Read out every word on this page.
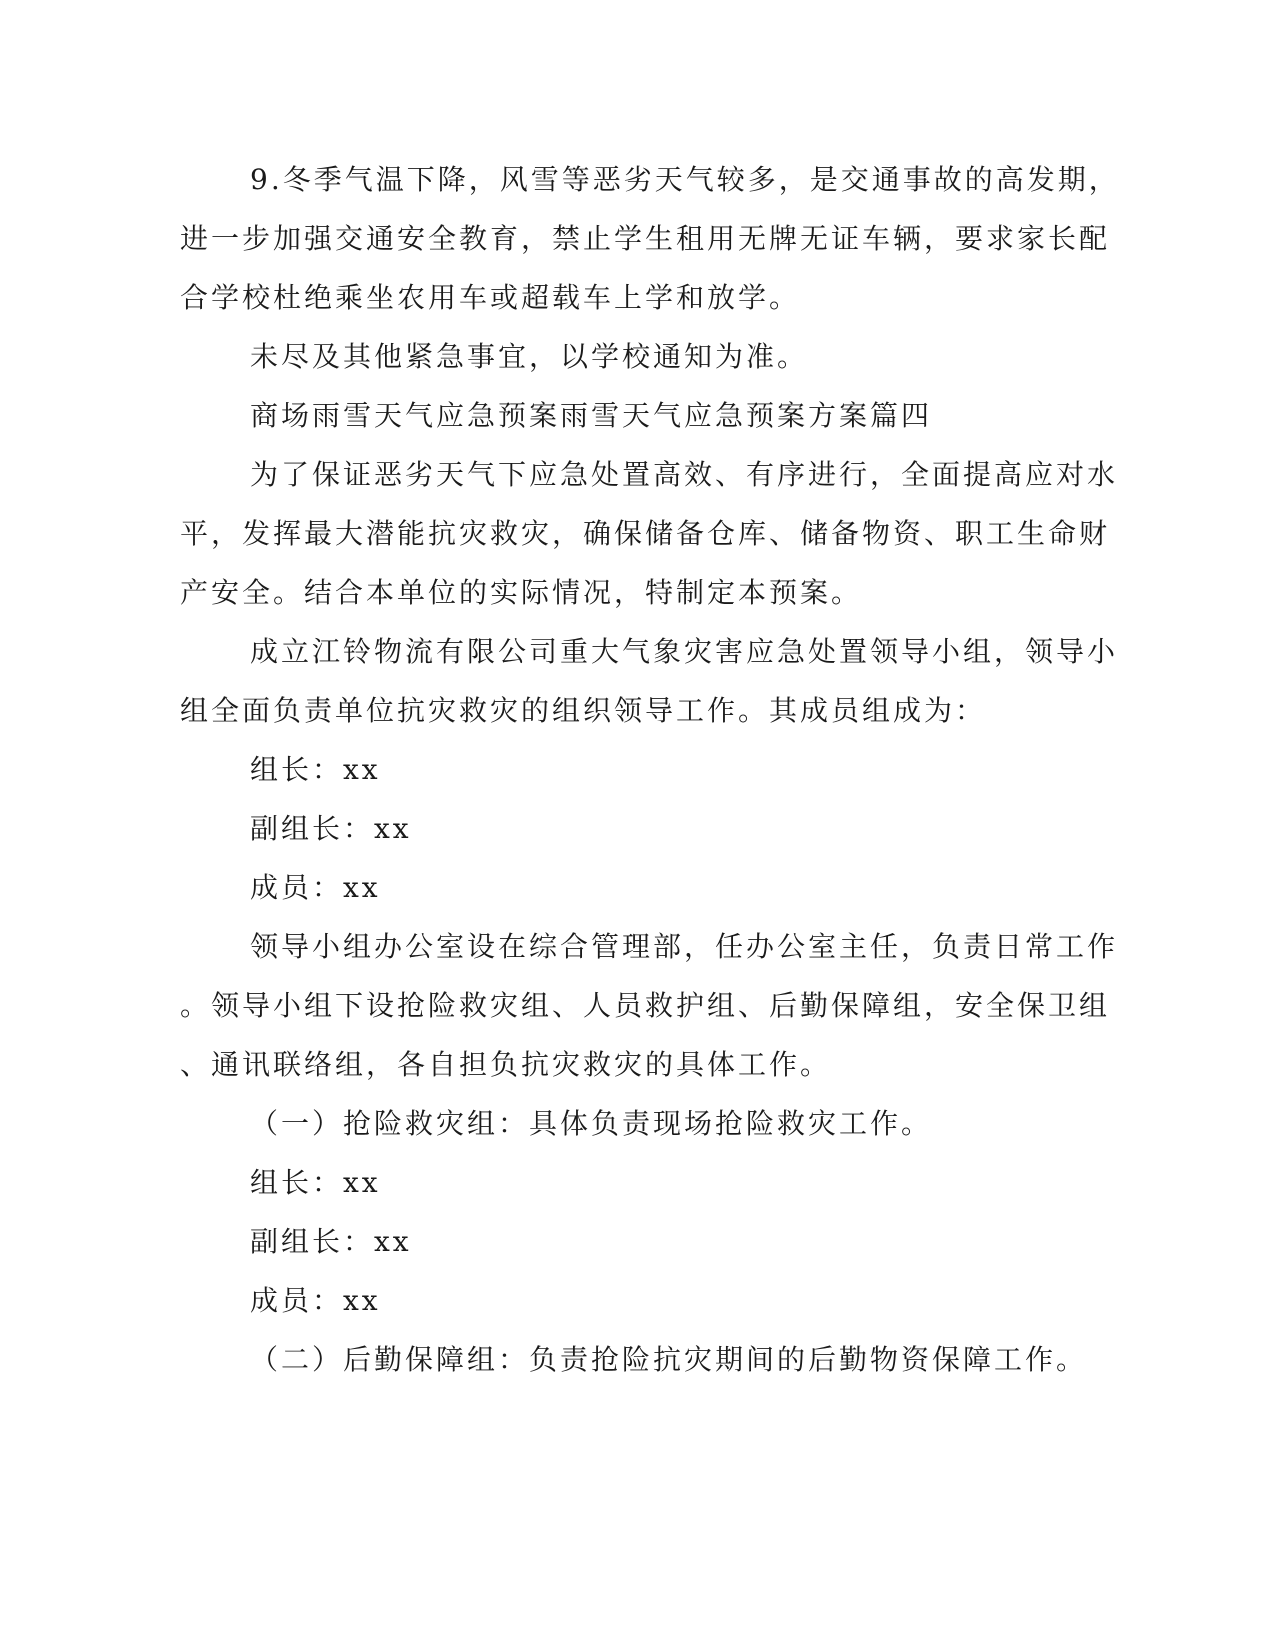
9.冬季气温下降，风雪等恶劣天气较多，是交通事故的高发期，
进一步加强交通安全教育，禁止学生租用无牌无证车辆，要求家长配
合学校杜绝乘坐农用车或超载车上学和放学。
未尽及其他紧急事宜，以学校通知为准。
商场雨雪天气应急预案雨雪天气应急预案方案篇四
为了保证恶劣天气下应急处置高效、有序进行，全面提高应对水
平，发挥最大潜能抗灾救灾，确保储备仓库、储备物资、职工生命财
产安全。结合本单位的实际情况，特制定本预案。
成立江铃物流有限公司重大气象灾害应急处置领导小组，领导小
组全面负责单位抗灾救灾的组织领导工作。其成员组成为：
组长：xx
副组长：xx
成员：xx
领导小组办公室设在综合管理部，任办公室主任，负责日常工作
。领导小组下设抢险救灾组、人员救护组、后勤保障组，安全保卫组
、通讯联络组，各自担负抗灾救灾的具体工作。
（一）抢险救灾组：具体负责现场抢险救灾工作。
组长：xx
副组长：xx
成员：xx
（二）后勤保障组：负责抢险抗灾期间的后勤物资保障工作。
